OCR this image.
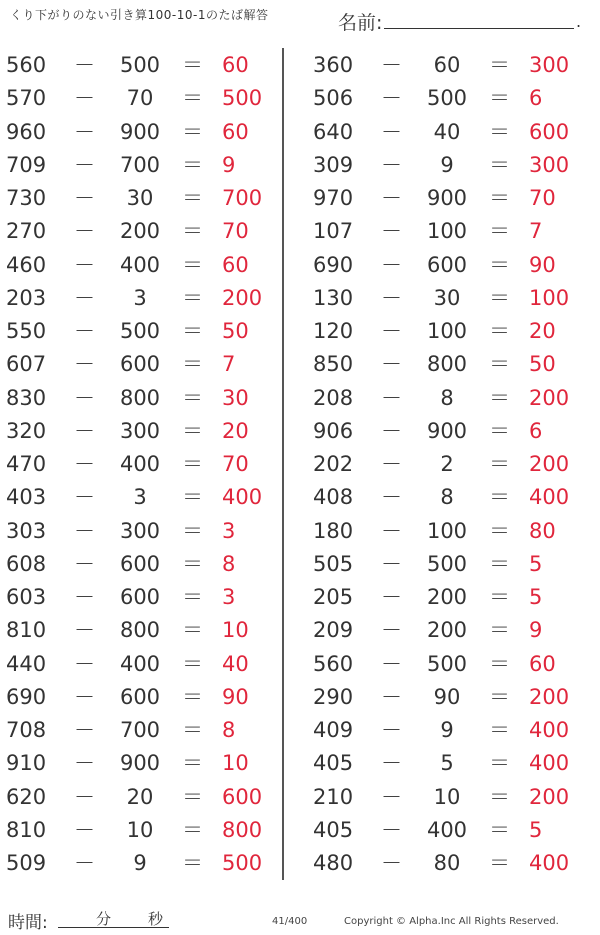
くり下がりのない引き算100-10-1のたば解答	名前:	.
560 －	500	＝ 60
570 －	70	＝ 500
960 －	900	＝ 60
709 －	700	＝ 9
730 －	30	＝ 700
270 －	200	＝ 70
460 －	400	＝ 60
203 －	3	＝ 200
550 －	500	＝ 50
607 －	600	＝ 7
830 －	800	＝ 30
320 －	300	＝ 20
470 －	400	＝ 70
403 －	3	＝ 400
303 －	300	＝ 3
608 －	600	＝ 8
603 －	600	＝ 3
810 －	800	＝ 10
440 －	400	＝ 40
690 －	600	＝ 90
708 －	700	＝ 8
910 －	900	＝ 10
620 －	20	＝ 600
810 －	10	＝ 800
509 －	9	＝ 500
360 －	60	＝ 300
506 －	500	＝ 6
640 －	40	＝ 600
309 －	9	＝ 300
970 －	900	＝ 70
107 －	100	＝ 7
690 －	600	＝ 90
130 －	30	＝ 100
120 －	100	＝ 20
850 －	800	＝ 50
208 －	8	＝ 200
906 －	900	＝ 6
202 －	2	＝ 200
408 －	8	＝ 400
180 －	100	＝ 80
505 －	500	＝ 5
205 －	200	＝ 5
209 －	200	＝ 9
560 －	500	＝ 60
290 －	90	＝ 200
409 －	9	＝ 400
405 －	5	＝ 400
210 －	10	＝ 200
405 －	400	＝ 5
480 －	80	＝ 400
時間:	分 秒	41/400	Copyright © Alpha.Inc All Rights Reserved.
